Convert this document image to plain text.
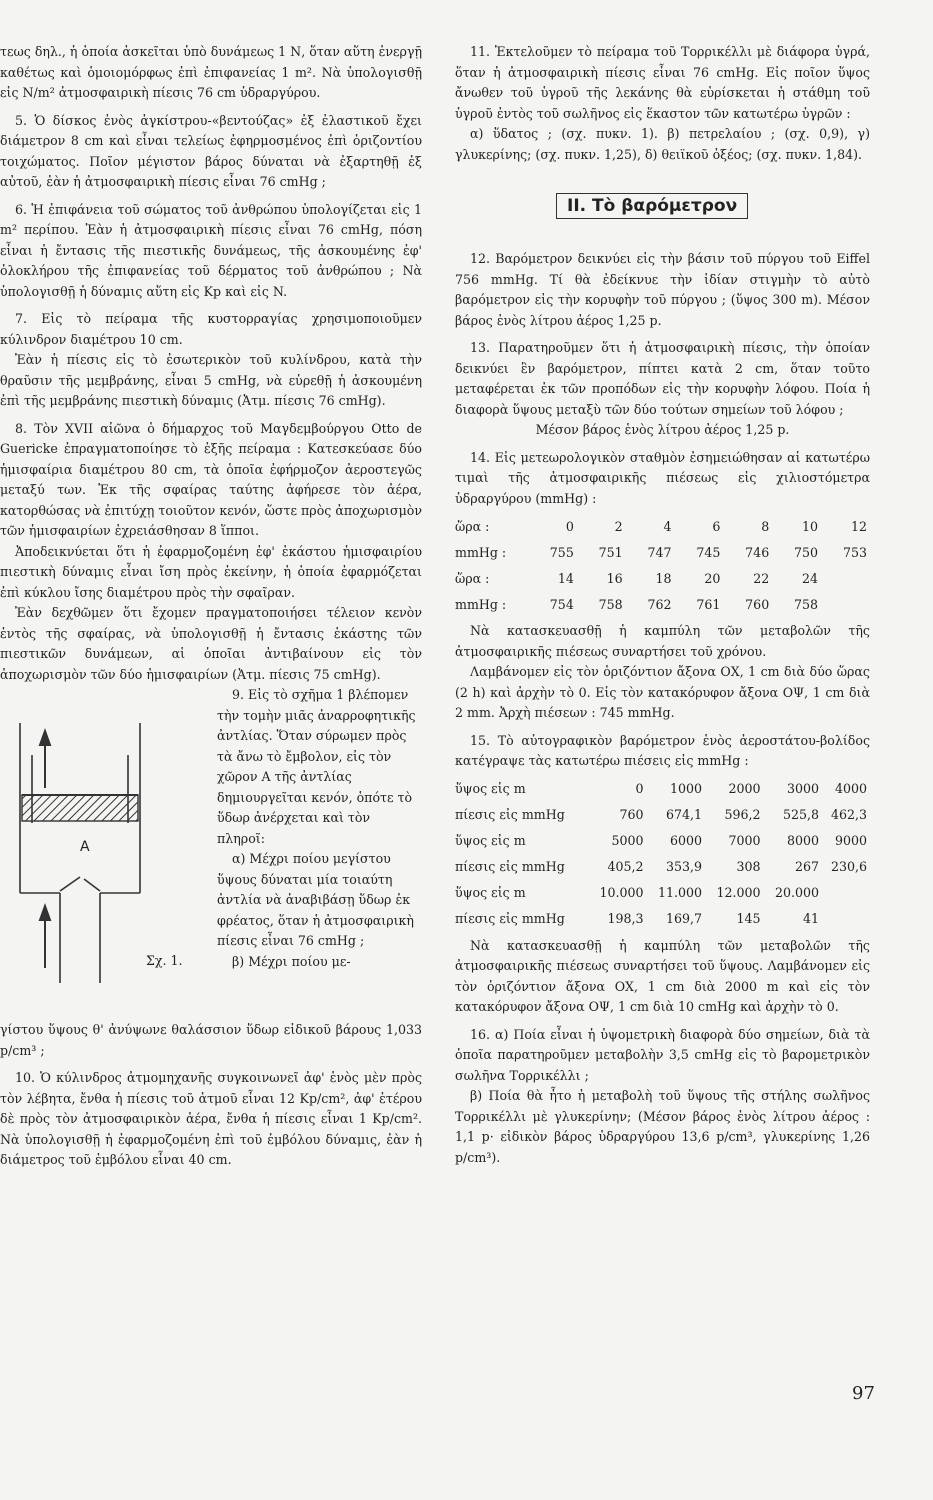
τεως δηλ., ἡ ὁποία ἀσκεῖται ὑπὸ δυνάμεως 1 Ν, ὅταν αὕτη ἐνεργῇ καθέτως καὶ ὁμοιομόρφως ἐπὶ ἐπιφανείας 1 m². Νὰ ὑπολογισθῇ εἰς N/m² ἀτμοσφαιρικὴ πίεσις 76 cm ὑδραργύρου.

5. Ὁ δίσκος ἐνὸς ἀγκίστρου-«βεντούζας» ἐξ ἐλαστικοῦ ἔχει διάμετρον 8 cm καὶ εἶναι τελείως ἐφηρμοσμένος ἐπὶ ὁριζοντίου τοιχώματος. Ποῖον μέγιστον βάρος δύναται νὰ ἐξαρτηθῇ ἐξ αὐτοῦ, ἐὰν ἡ ἀτμοσφαιρικὴ πίεσις εἶναι 76 cmHg ;

6. Ἡ ἐπιφάνεια τοῦ σώματος τοῦ ἀνθρώπου ὑπολογίζεται εἰς 1 m² περίπου. Ἐὰν ἡ ἀτμοσφαιρικὴ πίεσις εἶναι 76 cmHg, πόση εἶναι ἡ ἔντασις τῆς πιεστικῆς δυνάμεως, τῆς ἀσκουμένης ἐφ' ὁλοκλήρου τῆς ἐπιφανείας τοῦ δέρματος τοῦ ἀνθρώπου ; Νὰ ὑπολογισθῇ ἡ δύναμις αὕτη εἰς Kp καὶ εἰς N.

7. Εἰς τὸ πείραμα τῆς κυστορραγίας χρησιμοποιοῦμεν κύλινδρον διαμέτρου 10 cm.

Ἐὰν ἡ πίεσις εἰς τὸ ἐσωτερικὸν τοῦ κυλίνδρου, κατὰ τὴν θραῦσιν τῆς μεμβράνης, εἶναι 5 cmHg, νὰ εὑρεθῇ ἡ ἀσκουμένη ἐπὶ τῆς μεμβράνης πιεστικὴ δύναμις (Ἀτμ. πίεσις 76 cmHg).

8. Τὸν XVII αἰῶνα ὁ δήμαρχος τοῦ Μαγδεμβούργου Otto de Guericke ἐπραγματοποίησε τὸ ἑξῆς πείραμα : Κατεσκεύασε δύο ἡμισφαίρια διαμέτρου 80 cm, τὰ ὁποῖα ἐφήρμοζον ἀεροστεγῶς μεταξύ των. Ἐκ τῆς σφαίρας ταύτης ἀφήρεσε τὸν ἀέρα, κατορθώσας νὰ ἐπιτύχῃ τοιοῦτον κενόν, ὥστε πρὸς ἀποχωρισμὸν τῶν ἡμισφαιρίων ἐχρειάσθησαν 8 ἵπποι.

Ἀποδεικνύεται ὅτι ἡ ἐφαρμοζομένη ἐφ' ἑκάστου ἡμισφαιρίου πιεστικὴ δύναμις εἶναι ἴση πρὸς ἐκείνην, ἡ ὁποία ἐφαρμόζεται ἐπὶ κύκλου ἴσης διαμέτρου πρὸς τὴν σφαῖραν.

Ἐὰν δεχθῶμεν ὅτι ἔχομεν πραγματοποιήσει τέλειον κενὸν ἐντὸς τῆς σφαίρας, νὰ ὑπολογισθῇ ἡ ἔντασις ἑκάστης τῶν πιεστικῶν δυνάμεων, αἱ ὁποῖαι ἀντιβαίνουν εἰς τὸν ἀποχωρισμὸν τῶν δύο ἡμισφαιρίων (Ἀτμ. πίεσις 75 cmHg).

Α
Σχ. 1.

9. Εἰς τὸ σχῆμα 1 βλέπομεν τὴν τομὴν μιᾶς ἀναρροφητικῆς ἀντλίας. Ὅταν σύρωμεν πρὸς τὰ ἄνω τὸ ἔμβολον, εἰς τὸν χῶρον Α τῆς ἀντλίας δημιουργεῖται κενόν, ὁπότε τὸ ὕδωρ ἀνέρχεται καὶ τὸν πληροῖ:

α) Μέχρι ποίου μεγίστου ὕψους δύναται μία τοιαύτη ἀντλία νὰ ἀναβιβάσῃ ὕδωρ ἐκ φρέατος, ὅταν ἡ ἀτμοσφαιρικὴ πίεσις εἶναι 76 cmHg ;

β) Μέχρι ποίου με-

γίστου ὕψους θ' ἀνύψωνε θαλάσσιον ὕδωρ εἰδικοῦ βάρους 1,033 p/cm³ ;

10. Ὁ κύλινδρος ἀτμομηχανῆς συγκοινωνεῖ ἀφ' ἑνὸς μὲν πρὸς τὸν λέβητα, ἔνθα ἡ πίεσις τοῦ ἀτμοῦ εἶναι 12 Kp/cm², ἀφ' ἑτέρου δὲ πρὸς τὸν ἀτμοσφαιρικὸν ἀέρα, ἔνθα ἡ πίεσις εἶναι 1 Kp/cm². Νὰ ὑπολογισθῇ ἡ ἐφαρμοζομένη ἐπὶ τοῦ ἐμβόλου δύναμις, ἐὰν ἡ διάμετρος τοῦ ἐμβόλου εἶναι 40 cm.

11. Ἐκτελοῦμεν τὸ πείραμα τοῦ Τορρικέλλι μὲ διάφορα ὑγρά, ὅταν ἡ ἀτμοσφαιρικὴ πίεσις εἶναι 76 cmHg. Εἰς ποῖον ὕψος ἄνωθεν τοῦ ὑγροῦ τῆς λεκάνης θὰ εὑρίσκεται ἡ στάθμη τοῦ ὑγροῦ ἐντὸς τοῦ σωλῆνος εἰς ἕκαστον τῶν κατωτέρω ὑγρῶν :

α) ὕδατος ; (σχ. πυκν. 1). β) πετρελαίου ; (σχ. 0,9), γ) γλυκερίνης; (σχ. πυκν. 1,25), δ) θειϊκοῦ ὀξέος; (σχ. πυκν. 1,84).

II. Τὸ βαρόμετρον

12. Βαρόμετρον δεικνύει εἰς τὴν βάσιν τοῦ πύργου τοῦ Eiffel 756 mmHg. Τί θὰ ἐδείκνυε τὴν ἰδίαν στιγμὴν τὸ αὐτὸ βαρόμετρον εἰς τὴν κορυφὴν τοῦ πύργου ; (ὕψος 300 m). Μέσον βάρος ἑνὸς λίτρου ἀέρος 1,25 p.

13. Παρατηροῦμεν ὅτι ἡ ἀτμοσφαιρικὴ πίεσις, τὴν ὁποίαν δεικνύει ἓν βαρόμετρον, πίπτει κατὰ 2 cm, ὅταν τοῦτο μεταφέρεται ἐκ τῶν προπόδων εἰς τὴν κορυφὴν λόφου. Ποία ἡ διαφορὰ ὕψους μεταξὺ τῶν δύο τούτων σημείων τοῦ λόφου ;

Μέσον βάρος ἑνὸς λίτρου ἀέρος 1,25 p.

14. Εἰς μετεωρολογικὸν σταθμὸν ἐσημειώθησαν αἱ κατωτέρω τιμαὶ τῆς ἀτμοσφαιρικῆς πιέσεως εἰς χιλιοστόμετρα ὑδραργύρου (mmHg) :

ὥρα :	0	2	4	6	8	10	12
mmHg :	755	751	747	745	746	750	753
ὥρα :	14	16	18	20	22	24	
mmHg :	754	758	762	761	760	758	

Νὰ κατασκευασθῇ ἡ καμπύλη τῶν μεταβολῶν τῆς ἀτμοσφαιρικῆς πιέσεως συναρτήσει τοῦ χρόνου.

Λαμβάνομεν εἰς τὸν ὁριζόντιον ἄξονα ΟΧ, 1 cm διὰ δύο ὥρας (2 h) καὶ ἀρχὴν τὸ 0. Εἰς τὸν κατακόρυφον ἄξονα ΟΨ, 1 cm διὰ 2 mm. Ἀρχὴ πιέσεων : 745 mmHg.

15. Τὸ αὐτογραφικὸν βαρόμετρον ἑνὸς ἀεροστάτου-βολίδος κατέγραψε τὰς κατωτέρω πιέσεις εἰς mmHg :

ὕψος εἰς m	0	1000	2000	3000	4000
πίεσις εἰς mmHg	760	674,1	596,2	525,8	462,3
ὕψος εἰς m	5000	6000	7000	8000	9000
πίεσις εἰς mmHg	405,2	353,9	308	267	230,6
ὕψος εἰς m	10.000	11.000	12.000	20.000	
πίεσις εἰς mmHg	198,3	169,7	145	41	

Νὰ κατασκευασθῇ ἡ καμπύλη τῶν μεταβολῶν τῆς ἀτμοσφαιρικῆς πιέσεως συναρτήσει τοῦ ὕψους. Λαμβάνομεν εἰς τὸν ὁριζόντιον ἄξονα ΟΧ, 1 cm διὰ 2000 m καὶ εἰς τὸν κατακόρυφον ἄξονα ΟΨ, 1 cm διὰ 10 cmHg καὶ ἀρχὴν τὸ 0.

16. α) Ποία εἶναι ἡ ὑψομετρικὴ διαφορὰ δύο σημείων, διὰ τὰ ὁποῖα παρατηροῦμεν μεταβολὴν 3,5 cmHg εἰς τὸ βαρομετρικὸν σωλῆνα Τορρικέλλι ;

β) Ποία θὰ ἦτο ἡ μεταβολὴ τοῦ ὕψους τῆς στήλης σωλῆνος Τορρικέλλι μὲ γλυκερίνην; (Μέσον βάρος ἑνὸς λίτρου ἀέρος : 1,1 p· εἰδικὸν βάρος ὑδραργύρου 13,6 p/cm³, γλυκερίνης 1,26 p/cm³).

97
